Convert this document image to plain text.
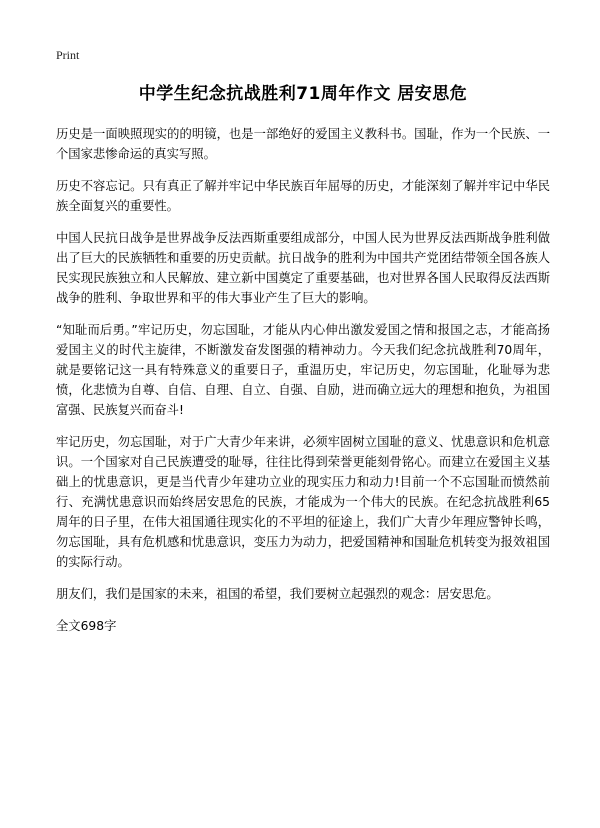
Print
中学生纪念抗战胜利71周年作文 居安思危

历史是一面映照现实的的明镜，也是一部绝好的爱国主义教科书。国耻，作为一个民族、一个国家悲惨命运的真实写照。

历史不容忘记。只有真正了解并牢记中华民族百年屈辱的历史，才能深刻了解并牢记中华民族全面复兴的重要性。

中国人民抗日战争是世界战争反法西斯重要组成部分，中国人民为世界反法西斯战争胜利做出了巨大的民族牺牲和重要的历史贡献。抗日战争的胜利为中国共产党团结带领全国各族人民实现民族独立和人民解放、建立新中国奠定了重要基础，也对世界各国人民取得反法西斯战争的胜利、争取世界和平的伟大事业产生了巨大的影响。

“知耻而后勇。”牢记历史，勿忘国耻，才能从内心伸出激发爱国之情和报国之志，才能高扬爱国主义的时代主旋律，不断激发奋发图强的精神动力。今天我们纪念抗战胜利70周年，就是要铭记这一具有特殊意义的重要日子，重温历史，牢记历史，勿忘国耻，化耻辱为悲愤，化悲愤为自尊、自信、自理、自立、自强、自励，进而确立远大的理想和抱负，为祖国富强、民族复兴而奋斗!

牢记历史，勿忘国耻，对于广大青少年来讲，必须牢固树立国耻的意义、忧患意识和危机意识。一个国家对自己民族遭受的耻辱，往往比得到荣誉更能刻骨铭心。而建立在爱国主义基础上的忧患意识，更是当代青少年建功立业的现实压力和动力!目前一个不忘国耻而愤然前行、充满忧患意识而始终居安思危的民族，才能成为一个伟大的民族。在纪念抗战胜利65周年的日子里，在伟大祖国通往现实化的不平坦的征途上，我们广大青少年理应警钟长鸣，勿忘国耻，具有危机感和忧患意识，变压力为动力，把爱国精神和国耻危机转变为报效祖国的实际行动。

朋友们，我们是国家的未来，祖国的希望，我们要树立起强烈的观念：居安思危。

全文698字
